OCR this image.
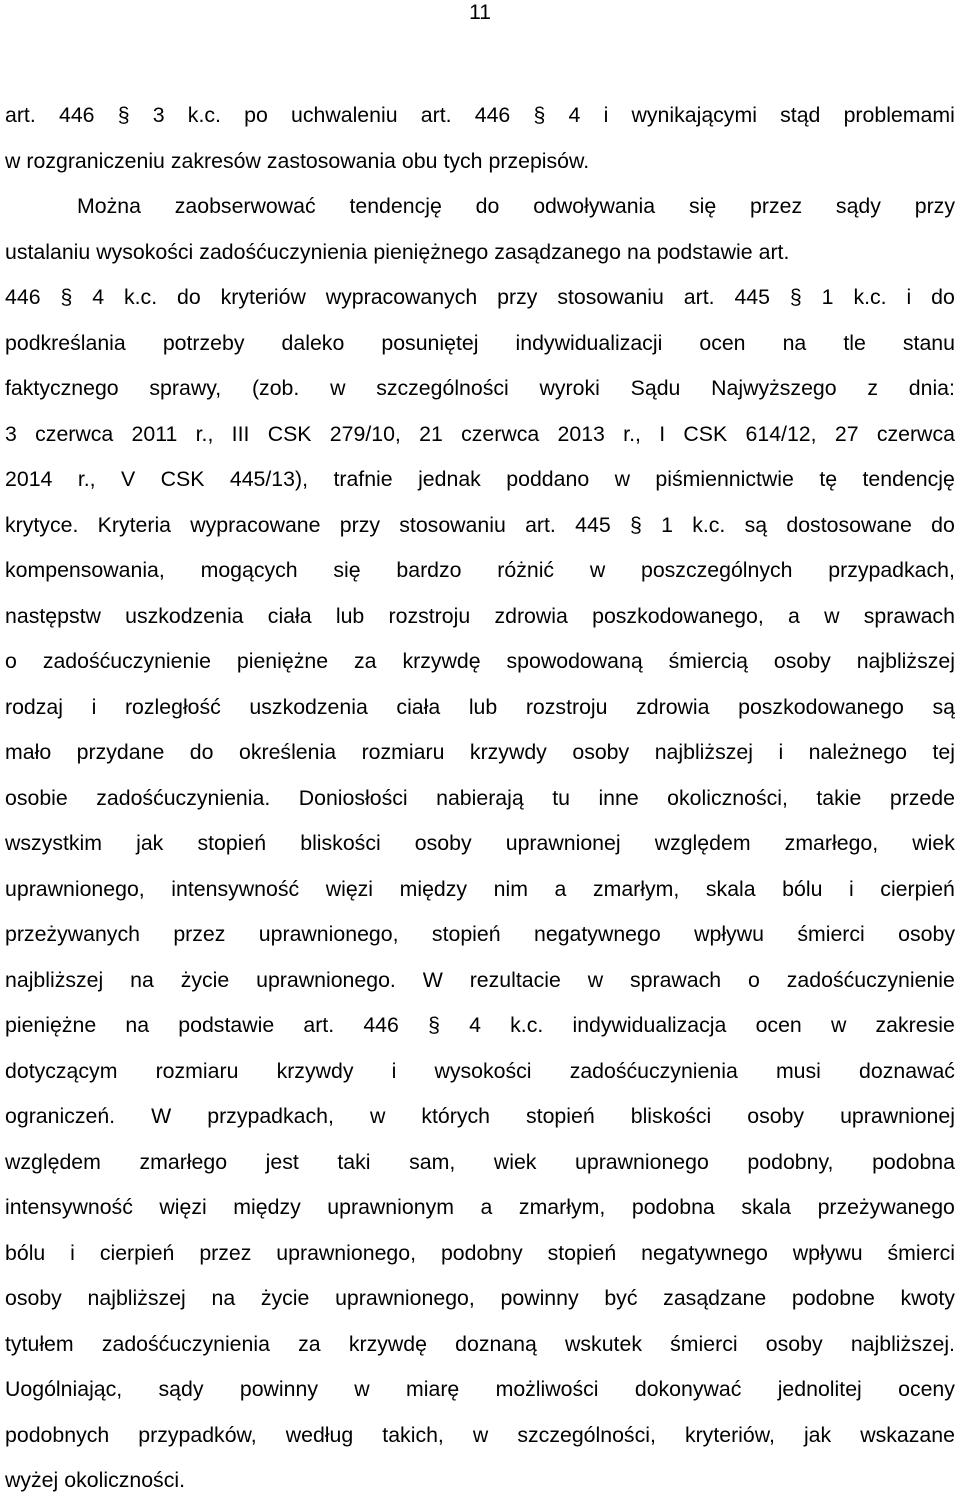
11
art. 446 § 3 k.c. po uchwaleniu art. 446 § 4 i wynikającymi stąd problemami
w rozgraniczeniu zakresów zastosowania obu tych przepisów.
Można zaobserwować tendencję do odwoływania się przez sądy przy
ustalaniu wysokości zadośćuczynienia pieniężnego zasądzanego na podstawie art.
446 § 4 k.c. do kryteriów wypracowanych przy stosowaniu art. 445 § 1 k.c. i do
podkreślania potrzeby daleko posuniętej indywidualizacji ocen na tle stanu
faktycznego sprawy, (zob. w szczególności wyroki Sądu Najwyższego z dnia:
3 czerwca 2011 r., III CSK 279/10, 21 czerwca 2013 r., I CSK 614/12, 27 czerwca
2014 r., V CSK 445/13), trafnie jednak poddano w piśmiennictwie tę tendencję
krytyce. Kryteria wypracowane przy stosowaniu art. 445 § 1 k.c. są dostosowane do
kompensowania, mogących się bardzo różnić w poszczególnych przypadkach,
następstw uszkodzenia ciała lub rozstroju zdrowia poszkodowanego, a w sprawach
o zadośćuczynienie pieniężne za krzywdę spowodowaną śmiercią osoby najbliższej
rodzaj i rozległość uszkodzenia ciała lub rozstroju zdrowia poszkodowanego są
mało przydane do określenia rozmiaru krzywdy osoby najbliższej i należnego tej
osobie zadośćuczynienia. Doniosłości nabierają tu inne okoliczności, takie przede
wszystkim jak stopień bliskości osoby uprawnionej względem zmarłego, wiek
uprawnionego, intensywność więzi między nim a zmarłym, skala bólu i cierpień
przeżywanych przez uprawnionego, stopień negatywnego wpływu śmierci osoby
najbliższej na życie uprawnionego. W rezultacie w sprawach o zadośćuczynienie
pieniężne na podstawie art. 446 § 4 k.c. indywidualizacja ocen w zakresie
dotyczącym rozmiaru krzywdy i wysokości zadośćuczynienia musi doznawać
ograniczeń. W przypadkach, w których stopień bliskości osoby uprawnionej
względem zmarłego jest taki sam, wiek uprawnionego podobny, podobna
intensywność więzi między uprawnionym a zmarłym, podobna skala przeżywanego
bólu i cierpień przez uprawnionego, podobny stopień negatywnego wpływu śmierci
osoby najbliższej na życie uprawnionego, powinny być zasądzane podobne kwoty
tytułem zadośćuczynienia za krzywdę doznaną wskutek śmierci osoby najbliższej.
Uogólniając, sądy powinny w miarę możliwości dokonywać jednolitej oceny
podobnych przypadków, według takich, w szczególności, kryteriów, jak wskazane
wyżej okoliczności.
